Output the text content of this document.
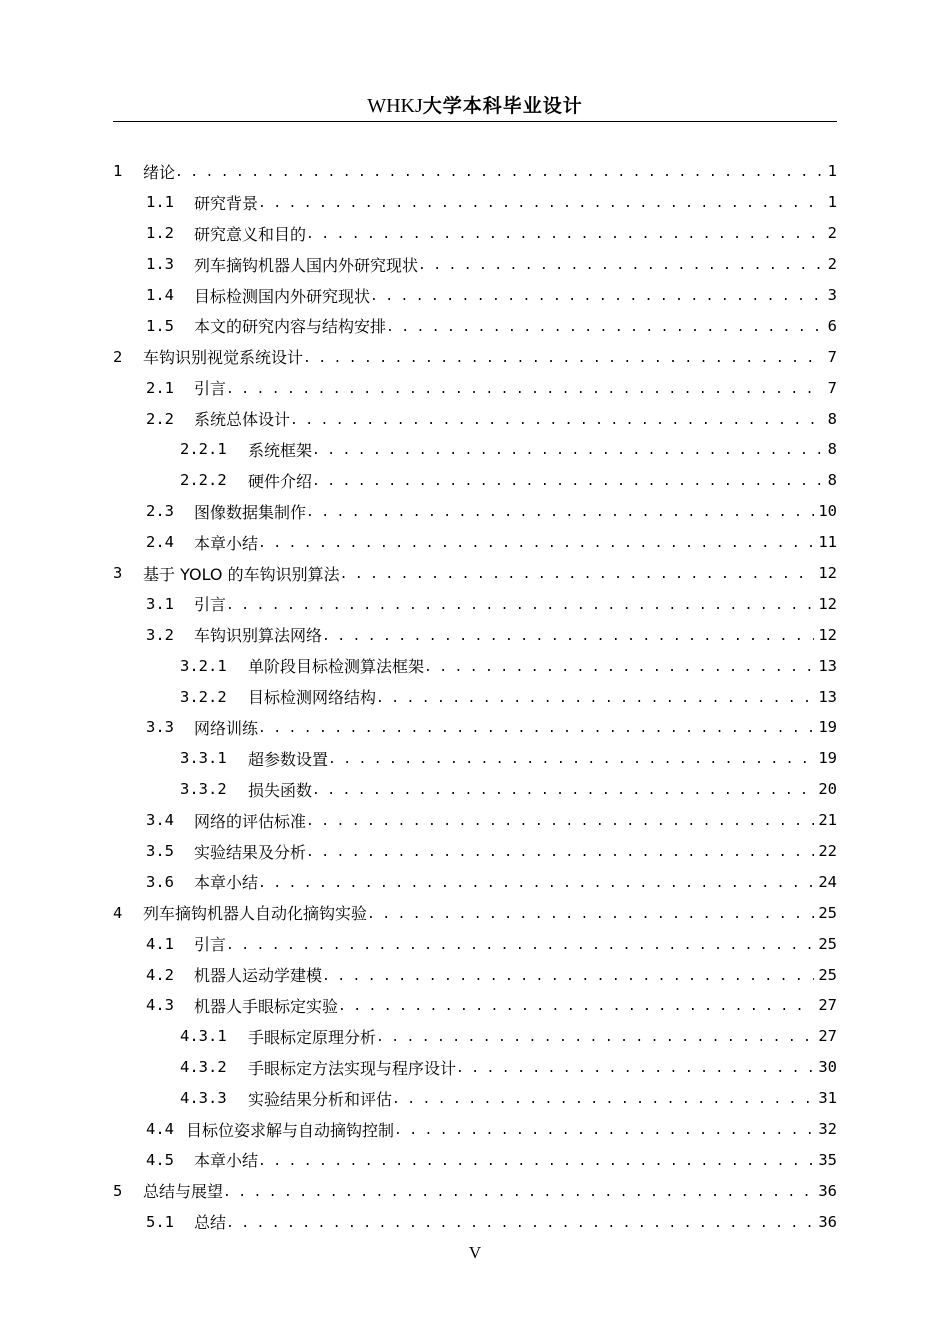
WHKJ大学本科毕业设计
1	绪论 . . .	1
1.1	研究背景 . . .	1
1.2	研究意义和目的 . . .	2
1.3	列车摘钩机器人国内外研究现状 . . .	2
1.4	目标检测国内外研究现状 . . .	3
1.5	本文的研究内容与结构安排 . . .	6
2	车钩识别视觉系统设计 . . .	7
2.1	引言 . . .	7
2.2	系统总体设计 . . .	8
2.2.1	系统框架 . . .	8
2.2.2	硬件介绍 . . .	8
2.3	图像数据集制作 . . .	10
2.4	本章小结 . . .	11
3	基于 YOLO 的车钩识别算法 . . .	12
3.1	引言 . . .	12
3.2	车钩识别算法网络 . . .	12
3.2.1	单阶段目标检测算法框架 . . .	13
3.2.2	目标检测网络结构 . . .	13
3.3	网络训练 . . .	19
3.3.1	超参数设置 . . .	19
3.3.2	损失函数 . . .	20
3.4	网络的评估标准 . . .	21
3.5	实验结果及分析 . . .	22
3.6	本章小结 . . .	24
4	列车摘钩机器人自动化摘钩实验 . . .	25
4.1	引言 . . .	25
4.2	机器人运动学建模 . . .	25
4.3	机器人手眼标定实验 . . .	27
4.3.1	手眼标定原理分析 . . .	27
4.3.2	手眼标定方法实现与程序设计 . . .	30
4.3.3	实验结果分析和评估 . . .	31
4.4 目标位姿求解与自动摘钩控制 . . .	32
4.5	本章小结 . . .	35
5	总结与展望 . . .	36
5.1	总结 . . .	36
V
